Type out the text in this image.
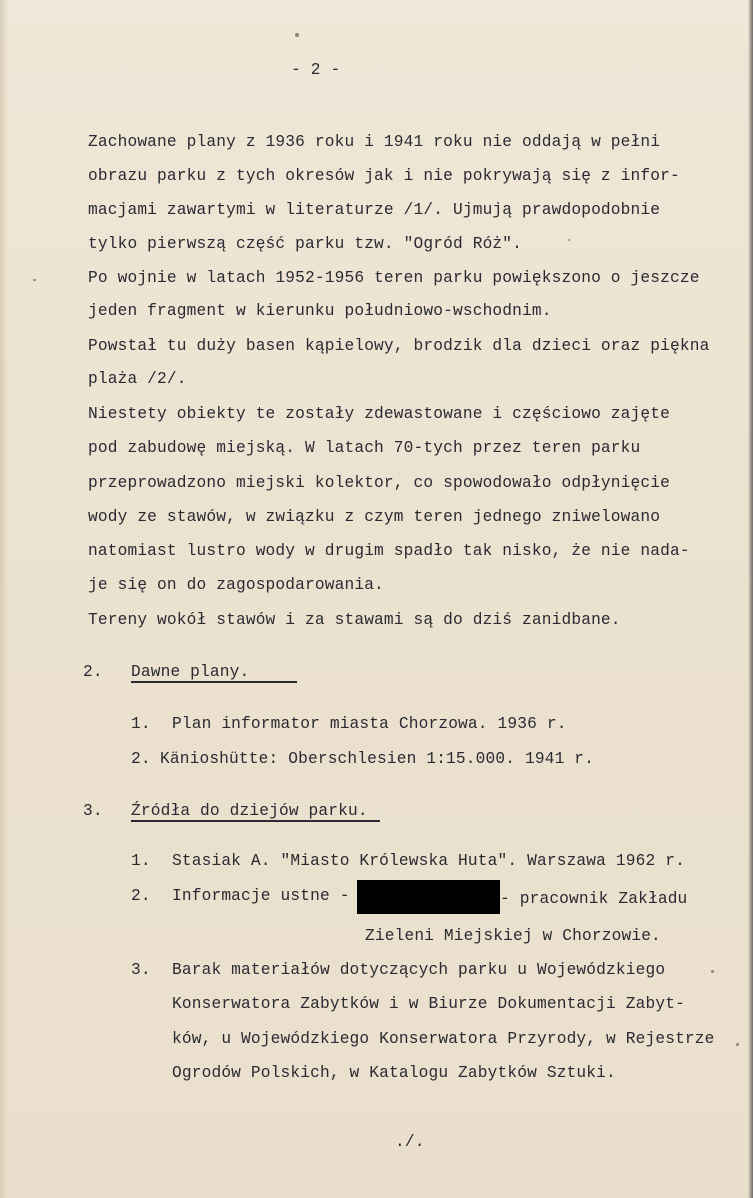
- 2 -
Zachowane plany z 1936 roku i 1941 roku nie oddają w pełni
obrazu parku z tych okresów jak i nie pokrywają się z infor-
macjami zawartymi w literaturze /1/. Ujmują prawdopodobnie
tylko pierwszą część parku tzw. "Ogród Róż".
Po wojnie w latach 1952-1956 teren parku powiększono o jeszcze
jeden fragment w kierunku południowo-wschodnim.
Powstał tu duży basen kąpielowy, brodzik dla dzieci oraz piękna
plaża /2/.
Niestety obiekty te zostały zdewastowane i częściowo zajęte
pod zabudowę miejską. W latach 70-tych przez teren parku
przeprowadzono miejski kolektor, co spowodowało odpłynięcie
wody ze stawów, w związku z czym teren jednego zniwelowano
natomiast lustro wody w drugim spadło tak nisko, że nie nada-
je się on do zagospodarowania.
Tereny wokół stawów i za stawami są do dziś zanidbane.
2. Dawne plany.
1. Plan informator miasta Chorzowa. 1936 r.
2. Känioshütte: Oberschlesien 1:15.000. 1941 r.
3. Źródła do dziejów parku.
1. Stasiak A. "Miasto Królewska Huta". Warszawa 1962 r.
2. Informacje ustne -	- pracownik Zakładu
Zieleni Miejskiej w Chorzowie.
3. Barak materiałów dotyczących parku u Wojewódzkiego
Konserwatora Zabytków i w Biurze Dokumentacji Zabyt-
ków, u Wojewódzkiego Konserwatora Przyrody, w Rejestrze
Ogrodów Polskich, w Katalogu Zabytków Sztuki.
./.
